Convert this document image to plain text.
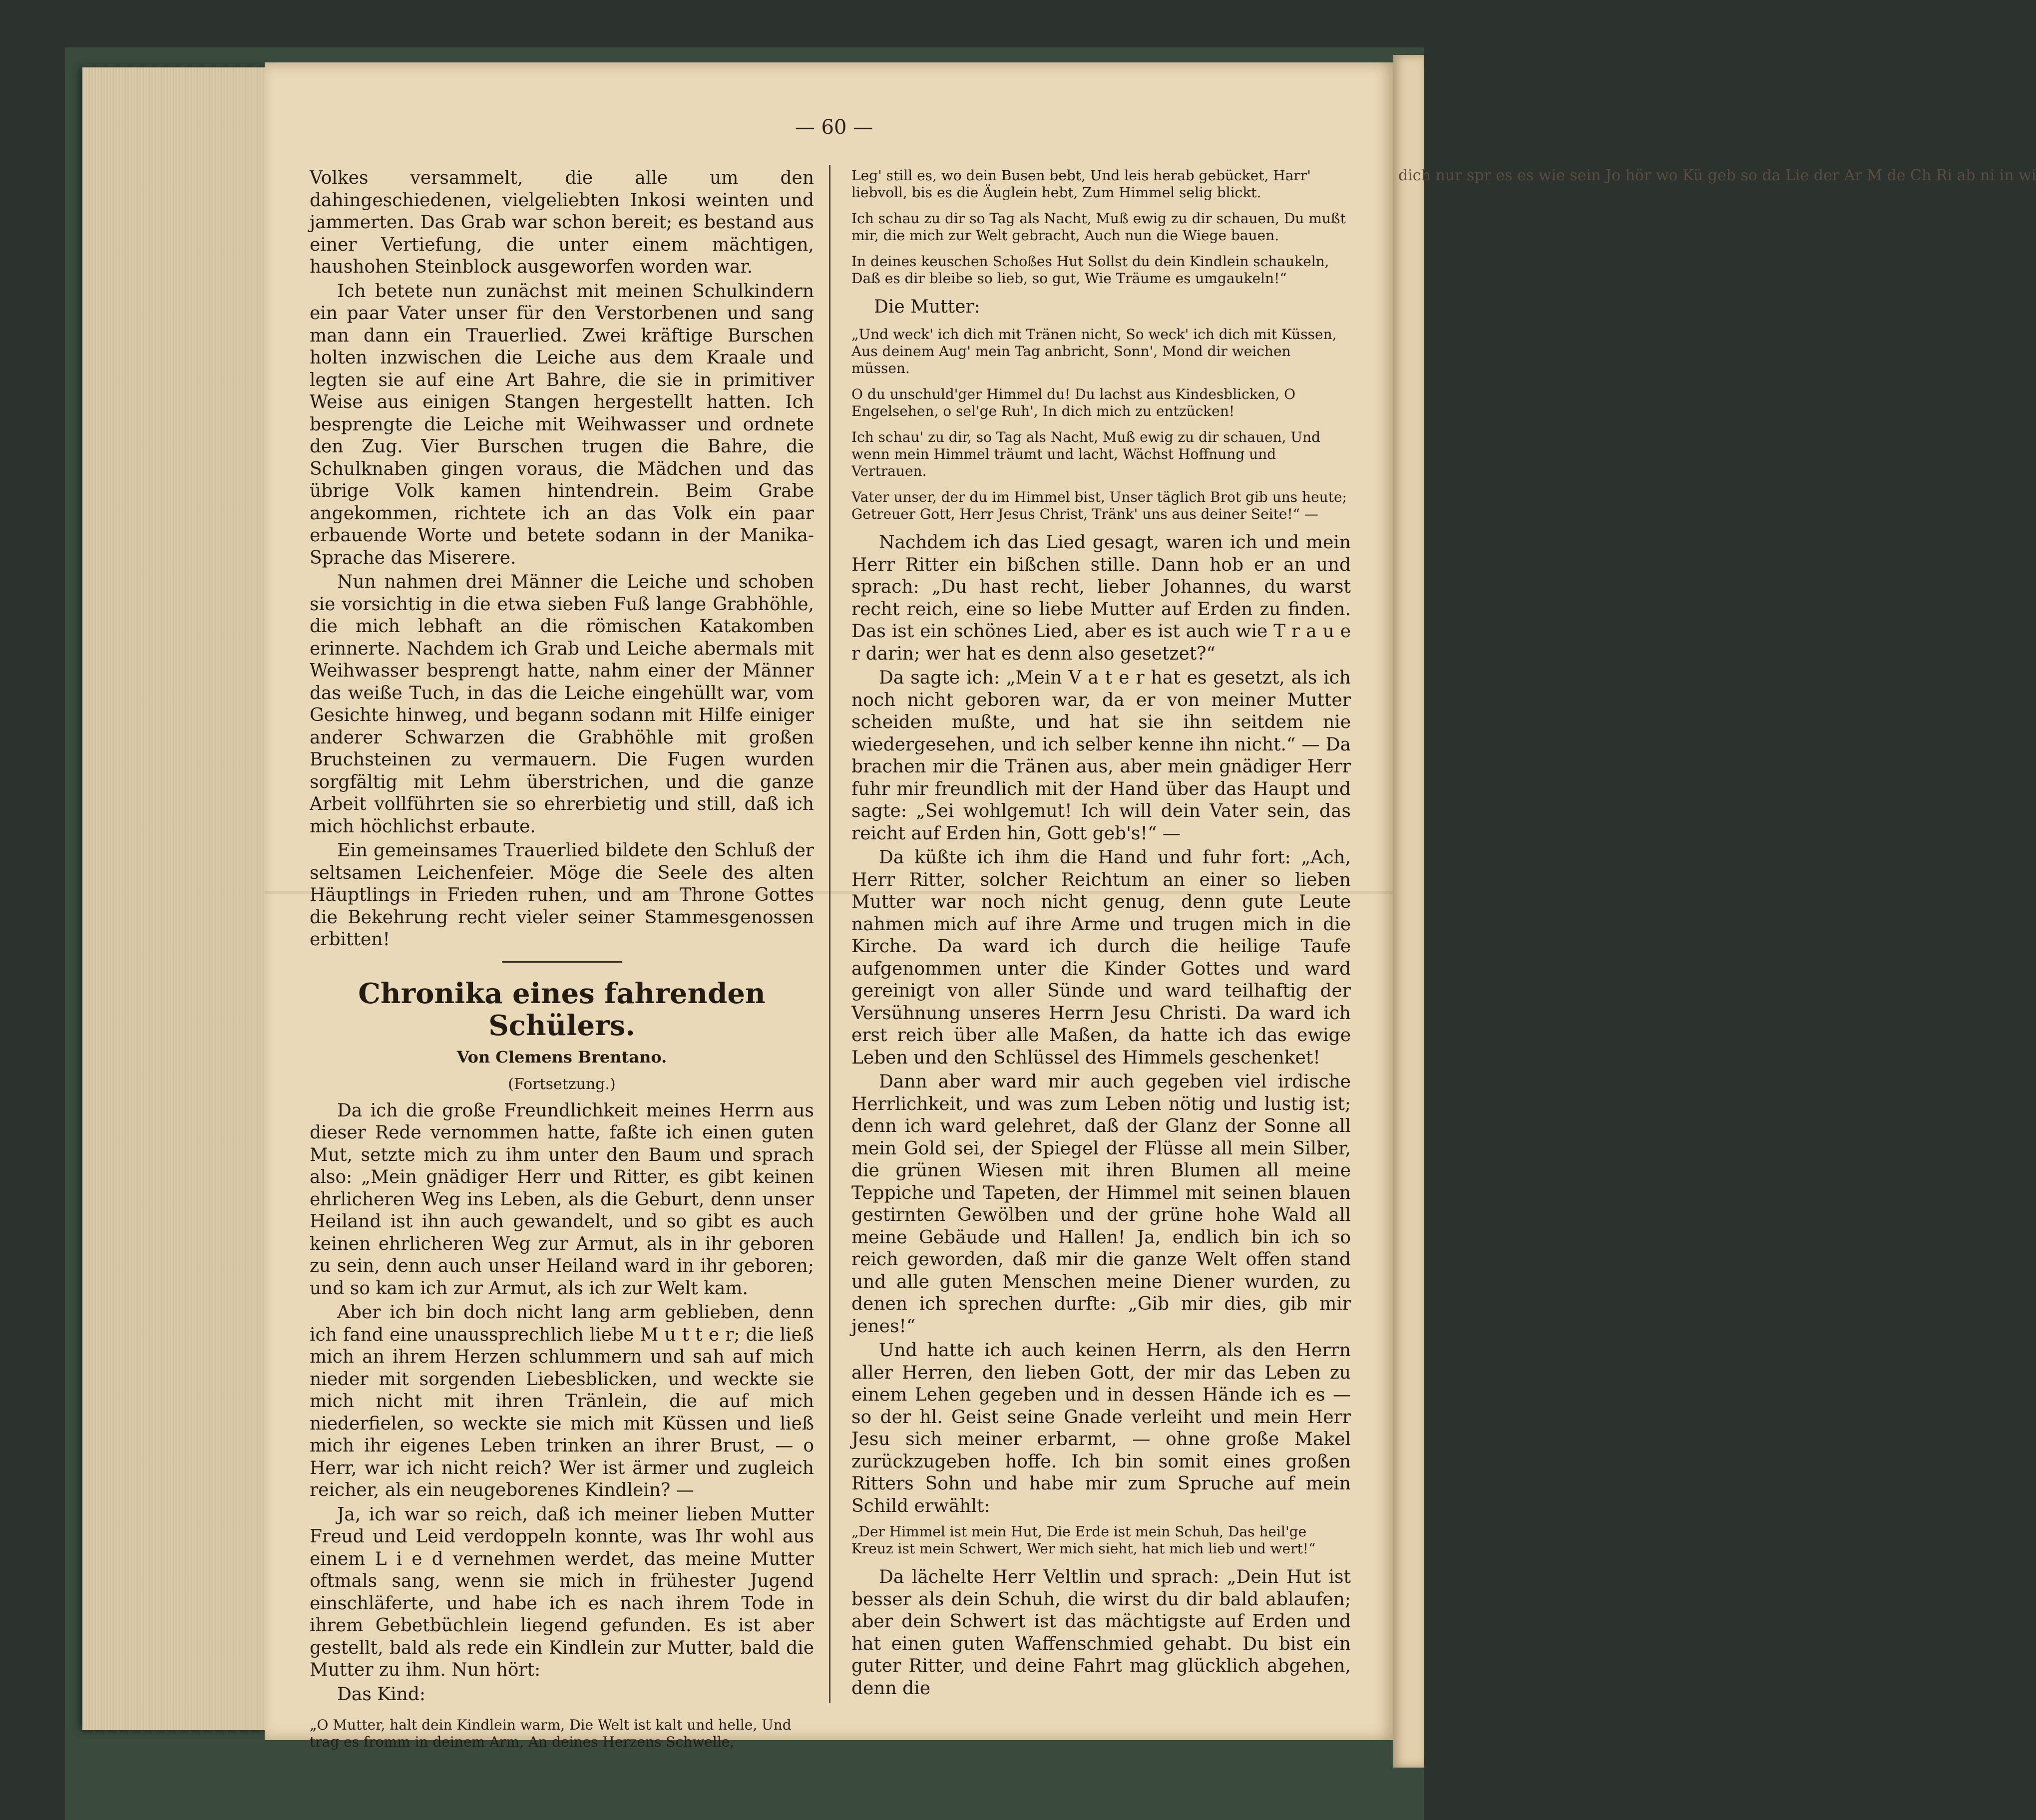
dich nur spr es es wie sein Jo hör wo Kü geb so da Lie der Ar M de Ch Ri ab ni in wi
— 60 —

Volkes versammelt, die alle um den dahingeschiedenen, vielgeliebten Inkosi weinten und jammerten. Das Grab war schon bereit; es bestand aus einer Vertiefung, die unter einem mächtigen, haushohen Steinblock ausgeworfen worden war.

Ich betete nun zunächst mit meinen Schulkindern ein paar Vater unser für den Verstorbenen und sang man dann ein Trauerlied. Zwei kräftige Burschen holten inzwischen die Leiche aus dem Kraale und legten sie auf eine Art Bahre, die sie in primitiver Weise aus einigen Stangen hergestellt hatten. Ich besprengte die Leiche mit Weihwasser und ordnete den Zug. Vier Burschen trugen die Bahre, die Schulknaben gingen voraus, die Mädchen und das übrige Volk kamen hintendrein. Beim Grabe angekommen, richtete ich an das Volk ein paar erbauende Worte und betete sodann in der Manika-Sprache das Miserere.

Nun nahmen drei Männer die Leiche und schoben sie vorsichtig in die etwa sieben Fuß lange Grabhöhle, die mich lebhaft an die römischen Katakomben erinnerte. Nachdem ich Grab und Leiche abermals mit Weihwasser besprengt hatte, nahm einer der Männer das weiße Tuch, in das die Leiche eingehüllt war, vom Gesichte hinweg, und begann sodann mit Hilfe einiger anderer Schwarzen die Grabhöhle mit großen Bruchsteinen zu vermauern. Die Fugen wurden sorgfältig mit Lehm überstrichen, und die ganze Arbeit vollführten sie so ehrerbietig und still, daß ich mich höchlichst erbaute.

Ein gemeinsames Trauerlied bildete den Schluß der seltsamen Leichenfeier. Möge die Seele des alten Häuptlings in Frieden ruhen, und am Throne Gottes die Bekehrung recht vieler seiner Stammesgenossen erbitten!

Chronika eines fahrenden Schülers.
Von Clemens Brentano.
(Fortsetzung.)

Da ich die große Freundlichkeit meines Herrn aus dieser Rede vernommen hatte, faßte ich einen guten Mut, setzte mich zu ihm unter den Baum und sprach also: „Mein gnädiger Herr und Ritter, es gibt keinen ehrlicheren Weg ins Leben, als die Geburt, denn unser Heiland ist ihn auch gewandelt, und so gibt es auch keinen ehrlicheren Weg zur Armut, als in ihr geboren zu sein, denn auch unser Heiland ward in ihr geboren; und so kam ich zur Armut, als ich zur Welt kam.

Aber ich bin doch nicht lang arm geblieben, denn ich fand eine unaussprechlich liebe M u t t e r; die ließ mich an ihrem Herzen schlummern und sah auf mich nieder mit sorgenden Liebesblicken, und weckte sie mich nicht mit ihren Tränlein, die auf mich niederfielen, so weckte sie mich mit Küssen und ließ mich ihr eigenes Leben trinken an ihrer Brust, — o Herr, war ich nicht reich? Wer ist ärmer und zugleich reicher, als ein neugeborenes Kindlein? —

Ja, ich war so reich, daß ich meiner lieben Mutter Freud und Leid verdoppeln konnte, was Ihr wohl aus einem L i e d vernehmen werdet, das meine Mutter oftmals sang, wenn sie mich in frühester Jugend einschläferte, und habe ich es nach ihrem Tode in ihrem Gebetbüchlein liegend gefunden. Es ist aber gestellt, bald als rede ein Kindlein zur Mutter, bald die Mutter zu ihm. Nun hört:

Das Kind:

„O Mutter, halt dein Kindlein warm, Die Welt ist kalt und helle, Und trag es fromm in deinem Arm, An deines Herzens Schwelle,

Leg' still es, wo dein Busen bebt, Und leis herab gebücket, Harr' liebvoll, bis es die Äuglein hebt, Zum Himmel selig blickt.

Ich schau zu dir so Tag als Nacht, Muß ewig zu dir schauen, Du mußt mir, die mich zur Welt gebracht, Auch nun die Wiege bauen.

In deines keuschen Schoßes Hut Sollst du dein Kindlein schaukeln, Daß es dir bleibe so lieb, so gut, Wie Träume es umgaukeln!“

Die Mutter:

„Und weck' ich dich mit Tränen nicht, So weck' ich dich mit Küssen, Aus deinem Aug' mein Tag anbricht, Sonn', Mond dir weichen müssen.

O du unschuld'ger Himmel du! Du lachst aus Kindesblicken, O Engelsehen, o sel'ge Ruh', In dich mich zu entzücken!

Ich schau' zu dir, so Tag als Nacht, Muß ewig zu dir schauen, Und wenn mein Himmel träumt und lacht, Wächst Hoffnung und Vertrauen.

Vater unser, der du im Himmel bist, Unser täglich Brot gib uns heute; Getreuer Gott, Herr Jesus Christ, Tränk' uns aus deiner Seite!“ —

Nachdem ich das Lied gesagt, waren ich und mein Herr Ritter ein bißchen stille. Dann hob er an und sprach: „Du hast recht, lieber Johannes, du warst recht reich, eine so liebe Mutter auf Erden zu finden. Das ist ein schönes Lied, aber es ist auch wie T r a u e r darin; wer hat es denn also gesetzet?“

Da sagte ich: „Mein V a t e r hat es gesetzt, als ich noch nicht geboren war, da er von meiner Mutter scheiden mußte, und hat sie ihn seitdem nie wiedergesehen, und ich selber kenne ihn nicht.“ — Da brachen mir die Tränen aus, aber mein gnädiger Herr fuhr mir freundlich mit der Hand über das Haupt und sagte: „Sei wohlgemut! Ich will dein Vater sein, das reicht auf Erden hin, Gott geb's!“ —

Da küßte ich ihm die Hand und fuhr fort: „Ach, Herr Ritter, solcher Reichtum an einer so lieben Mutter war noch nicht genug, denn gute Leute nahmen mich auf ihre Arme und trugen mich in die Kirche. Da ward ich durch die heilige Taufe aufgenommen unter die Kinder Gottes und ward gereinigt von aller Sünde und ward teilhaftig der Versühnung unseres Herrn Jesu Christi. Da ward ich erst reich über alle Maßen, da hatte ich das ewige Leben und den Schlüssel des Himmels geschenket!

Dann aber ward mir auch gegeben viel irdische Herrlichkeit, und was zum Leben nötig und lustig ist; denn ich ward gelehret, daß der Glanz der Sonne all mein Gold sei, der Spiegel der Flüsse all mein Silber, die grünen Wiesen mit ihren Blumen all meine Teppiche und Tapeten, der Himmel mit seinen blauen gestirnten Gewölben und der grüne hohe Wald all meine Gebäude und Hallen! Ja, endlich bin ich so reich geworden, daß mir die ganze Welt offen stand und alle guten Menschen meine Diener wurden, zu denen ich sprechen durfte: „Gib mir dies, gib mir jenes!“

Und hatte ich auch keinen Herrn, als den Herrn aller Herren, den lieben Gott, der mir das Leben zu einem Lehen gegeben und in dessen Hände ich es — so der hl. Geist seine Gnade verleiht und mein Herr Jesu sich meiner erbarmt, — ohne große Makel zurückzugeben hoffe. Ich bin somit eines großen Ritters Sohn und habe mir zum Spruche auf mein Schild erwählt:

„Der Himmel ist mein Hut, Die Erde ist mein Schuh, Das heil'ge Kreuz ist mein Schwert, Wer mich sieht, hat mich lieb und wert!“

Da lächelte Herr Veltlin und sprach: „Dein Hut ist besser als dein Schuh, die wirst du dir bald ablaufen; aber dein Schwert ist das mächtigste auf Erden und hat einen guten Waffenschmied gehabt. Du bist ein guter Ritter, und deine Fahrt mag glücklich abgehen, denn die
